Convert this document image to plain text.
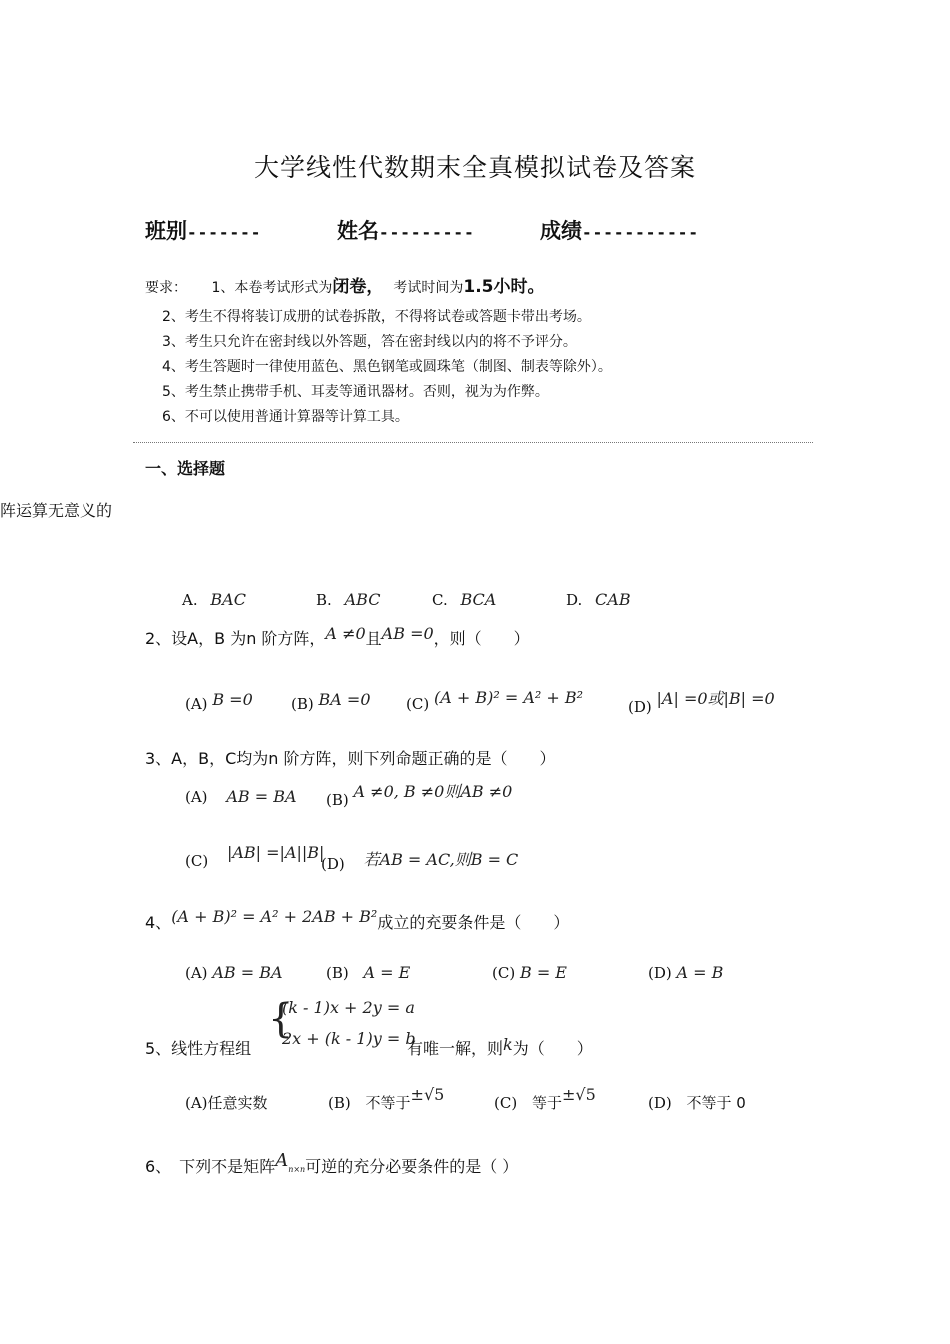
大学线性代数期末全真模拟试卷及答案
班别-------	姓名---------	成绩-----------
要求： 1、本卷考试形式为闭卷， 考试时间为1.5小时。
2、考生不得将装订成册的试卷拆散，不得将试卷或答题卡带出考场。
3、考生只允许在密封线以外答题，答在密封线以内的将不予评分。
4、考生答题时一律使用蓝色、黑色钢笔或圆珠笔（制图、制表等除外）。
5、考生禁止携带手机、耳麦等通讯器材。否则，视为为作弊。
6、不可以使用普通计算器等计算工具。
一、选择题
阵运算无意义的
A. BAC	B. ABC	C. BCA	D. CAB
2、设A，B 为n 阶方阵，A ≠0且AB =0，则（　　）
(A) B =0	(B) BA =0 (C) (A + B)² = A² + B²	(D) |A| =0或|B| =0
3、A，B，C均为n 阶方阵，则下列命题正确的是（　　）
(A) AB = BA (B) A ≠0, B ≠0则AB ≠0
(C) |AB| =|A||B|
(D) 若AB = AC,则B = C
4、(A + B)² = A² + 2AB + B²成立的充要条件是（　　）
(A) AB = BA	(B) A = E	(C) B = E	(D) A = B
5、线性方程组
{
(k - 1)x + 2y = a
2x + (k - 1)y = b
有唯一解，则k为（　　）
(A)任意实数	(B) 不等于±√5	(C) 等于±√5	(D) 不等于 0
6、　下列不是矩阵An×n可逆的充分必要条件的是（ ）
